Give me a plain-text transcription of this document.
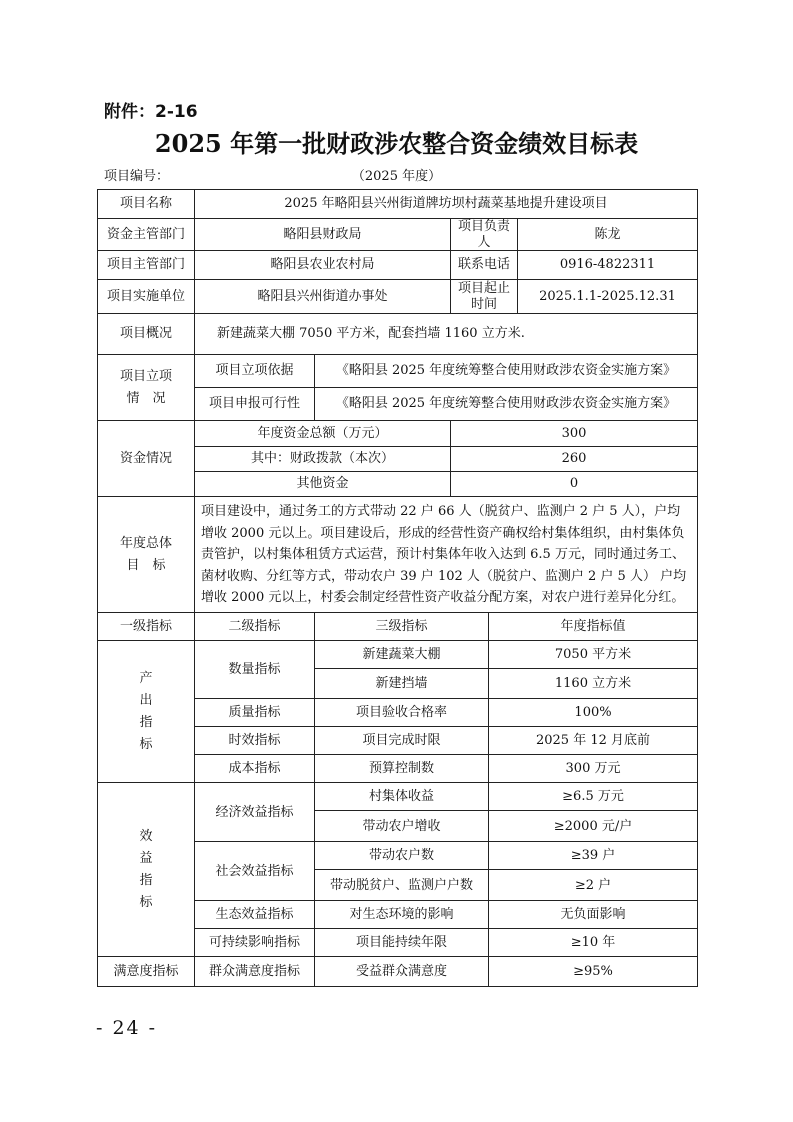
附件：2-16
2025 年第一批财政涉农整合资金绩效目标表
项目编号：	（2025 年度）
项目名称	2025 年略阳县兴州街道牌坊坝村蔬菜基地提升建设项目				
资金主管部门	略阳县财政局		项目负责人		陈龙
项目主管部门	略阳县农业农村局		联系电话		0916-4822311
项目实施单位	略阳县兴州街道办事处		项目起止时间		2025.1.1-2025.12.31
项目概况	新建蔬菜大棚 7050 平方米，配套挡墙 1160 立方米.				
项目立项
情　况	项目立项依据	《略阳县 2025 年度统筹整合使用财政涉农资金实施方案》			
	项目申报可行性	《略阳县 2025 年度统筹整合使用财政涉农资金实施方案》			
资金情况	年度资金总额（万元）		300		
	其中：财政拨款（本次）		260		
	其他资金		0		
年度总体
目　标	项目建设中，通过务工的方式带动 22 户 66 人（脱贫户、监测户 2 户 5 人），户均增收 2000 元以上。项目建设后，形成的经营性资产确权给村集体组织，由村集体负责管护，以村集体租赁方式运营，预计村集体年收入达到 6.5 万元，同时通过务工、菌材收购、分红等方式，带动农户 39 户 102 人（脱贫户、监测户 2 户 5 人） 户均增收 2000 元以上，村委会制定经营性资产收益分配方案，对农户进行差异化分红。				
一级指标	二级指标	三级指标		年度指标值	
产
出
指
标	数量指标	新建蔬菜大棚		7050 平方米	
		新建挡墙		1160 立方米	
	质量指标	项目验收合格率		100%	
	时效指标	项目完成时限		2025 年 12 月底前	
	成本指标	预算控制数		300 万元	
效
益
指
标	经济效益指标	村集体收益		≥6.5 万元	
		带动农户增收		≥2000 元/户	
	社会效益指标	带动农户数		≥39 户	
		带动脱贫户、监测户户数		≥2 户	
	生态效益指标	对生态环境的影响		无负面影响	
	可持续影响指标	项目能持续年限		≥10 年	
满意度指标	群众满意度指标	受益群众满意度		≥95%	
- 24 -
